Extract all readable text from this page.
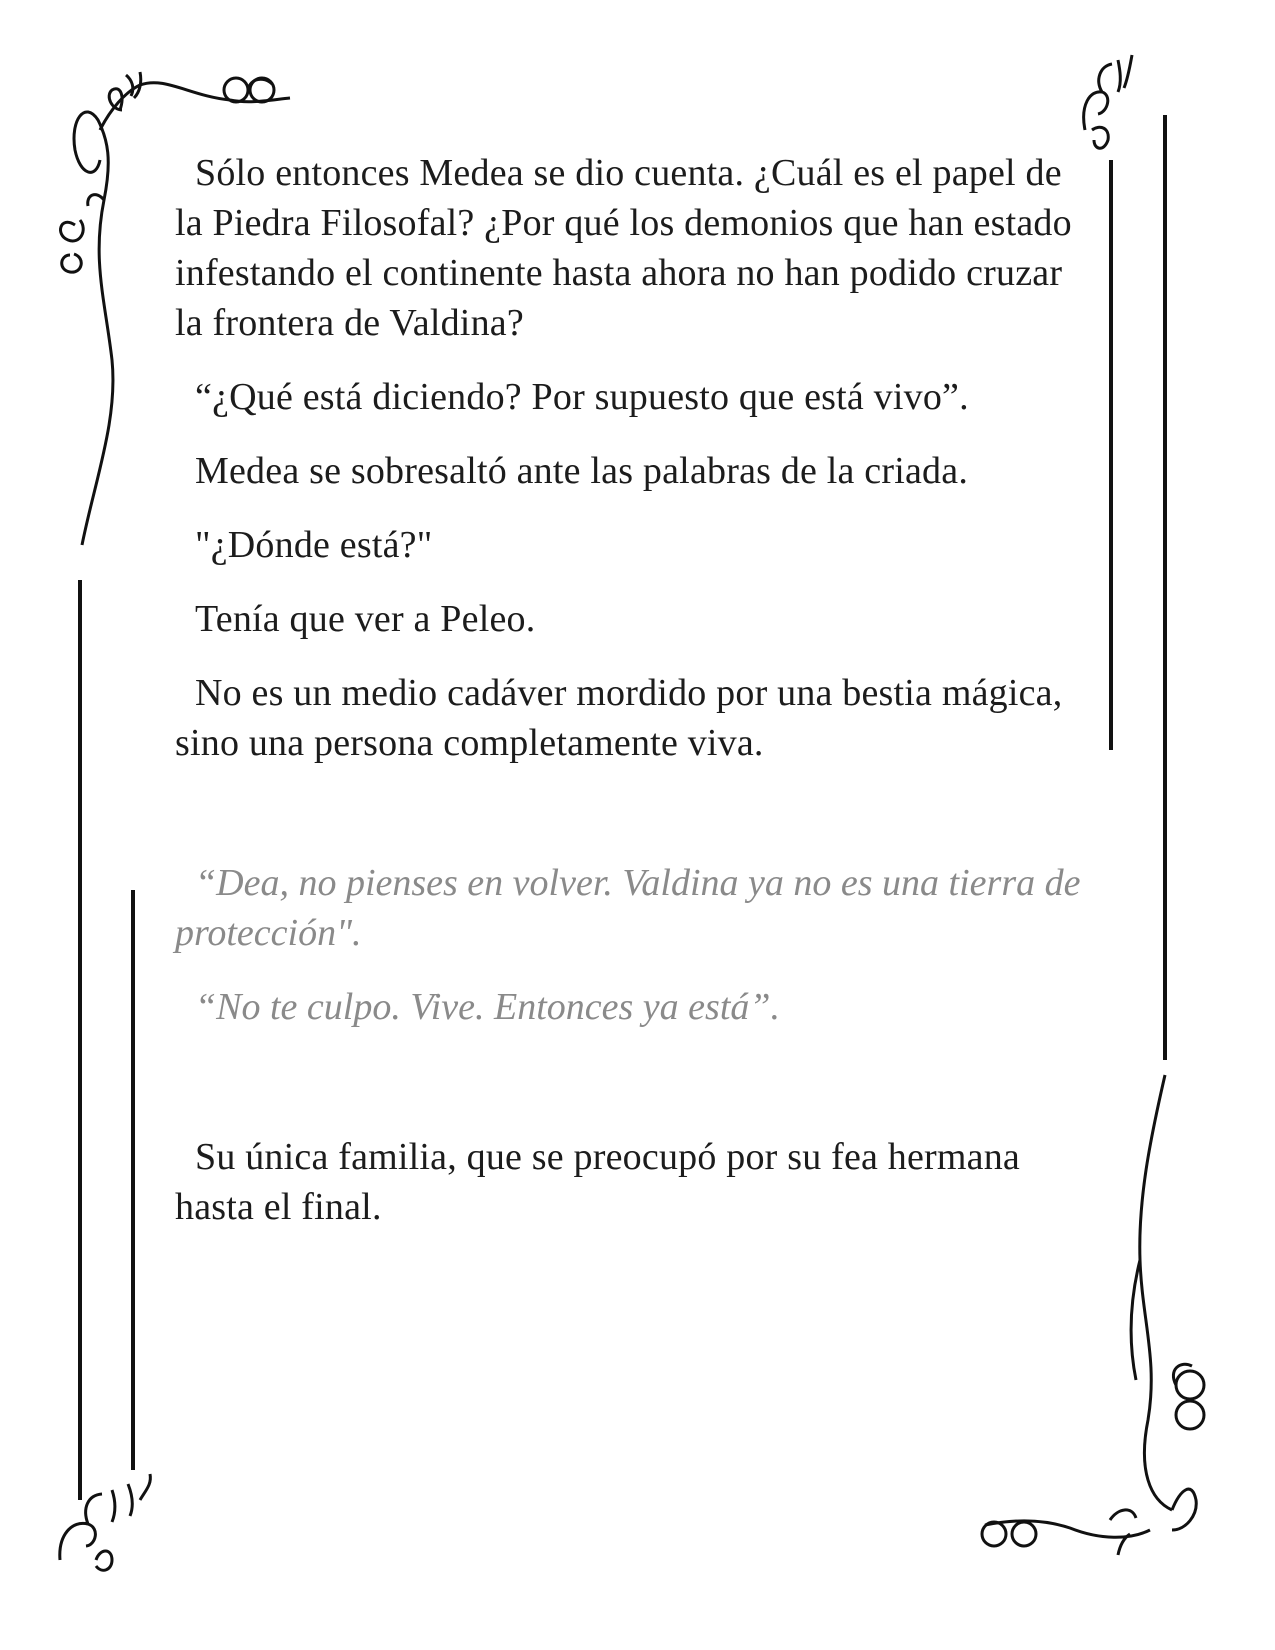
Sólo entonces Medea se dio cuenta. ¿Cuál es el papel de la Piedra Filosofal? ¿Por qué los demonios que han estado infestando el continente hasta ahora no han podido cruzar la frontera de Valdina?

“¿Qué está diciendo? Por supuesto que está vivo”.

Medea se sobresaltó ante las palabras de la criada.

"¿Dónde está?"

Tenía que ver a Peleo.

No es un medio cadáver mordido por una bestia mágica, sino una persona completamente viva.

“Dea, no pienses en volver. Valdina ya no es una tierra de protección".

“No te culpo. Vive. Entonces ya está”.

Su única familia, que se preocupó por su fea hermana hasta el final.
